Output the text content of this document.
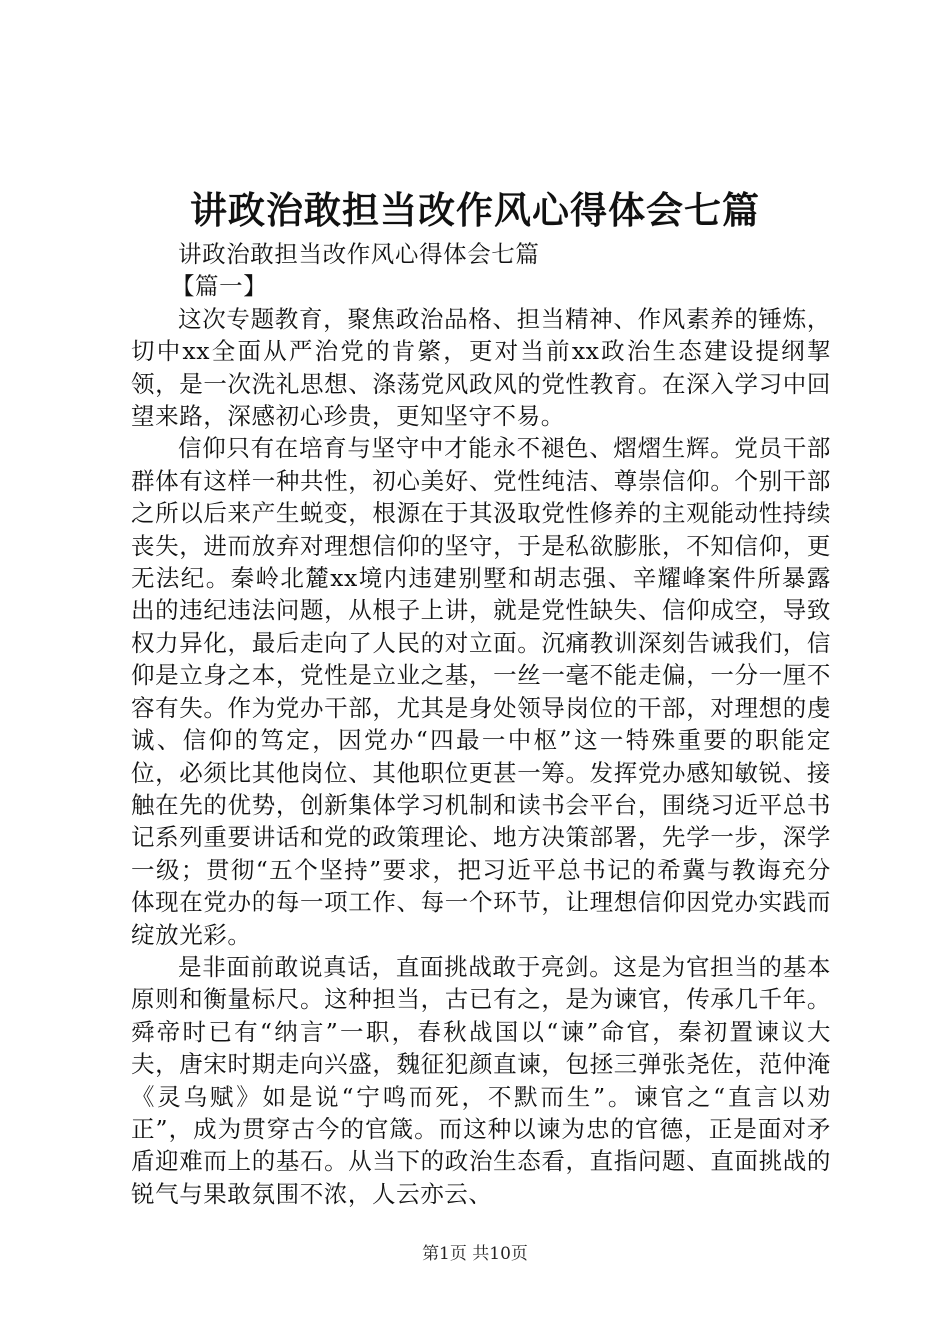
讲政治敢担当改作风心得体会七篇

讲政治敢担当改作风心得体会七篇

【篇一】

这次专题教育，聚焦政治品格、担当精神、作风素养的锤炼，切中xx全面从严治党的肯綮，更对当前xx政治生态建设提纲挈领，是一次洗礼思想、涤荡党风政风的党性教育。在深入学习中回望来路，深感初心珍贵，更知坚守不易。

信仰只有在培育与坚守中才能永不褪色、熠熠生辉。党员干部群体有这样一种共性，初心美好、党性纯洁、尊崇信仰。个别干部之所以后来产生蜕变，根源在于其汲取党性修养的主观能动性持续丧失，进而放弃对理想信仰的坚守，于是私欲膨胀，不知信仰，更无法纪。秦岭北麓xx境内违建别墅和胡志强、辛耀峰案件所暴露出的违纪违法问题，从根子上讲，就是党性缺失、信仰成空，导致权力异化，最后走向了人民的对立面。沉痛教训深刻告诫我们，信仰是立身之本，党性是立业之基，一丝一毫不能走偏，一分一厘不容有失。作为党办干部，尤其是身处领导岗位的干部，对理想的虔诚、信仰的笃定，因党办“四最一中枢”这一特殊重要的职能定位，必须比其他岗位、其他职位更甚一筹。发挥党办感知敏锐、接触在先的优势，创新集体学习机制和读书会平台，围绕习近平总书记系列重要讲话和党的政策理论、地方决策部署，先学一步，深学一级；贯彻“五个坚持”要求，把习近平总书记的希冀与教诲充分体现在党办的每一项工作、每一个环节，让理想信仰因党办实践而绽放光彩。

是非面前敢说真话，直面挑战敢于亮剑。这是为官担当的基本原则和衡量标尺。这种担当，古已有之，是为谏官，传承几千年。舜帝时已有“纳言”一职，春秋战国以“谏”命官，秦初置谏议大夫，唐宋时期走向兴盛，魏征犯颜直谏，包拯三弹张尧佐，范仲淹《灵乌赋》如是说“宁鸣而死，不默而生”。谏官之“直言以劝正”，成为贯穿古今的官箴。而这种以谏为忠的官德，正是面对矛盾迎难而上的基石。从当下的政治生态看，直指问题、直面挑战的锐气与果敢氛围不浓，人云亦云、

第1页 共10页
